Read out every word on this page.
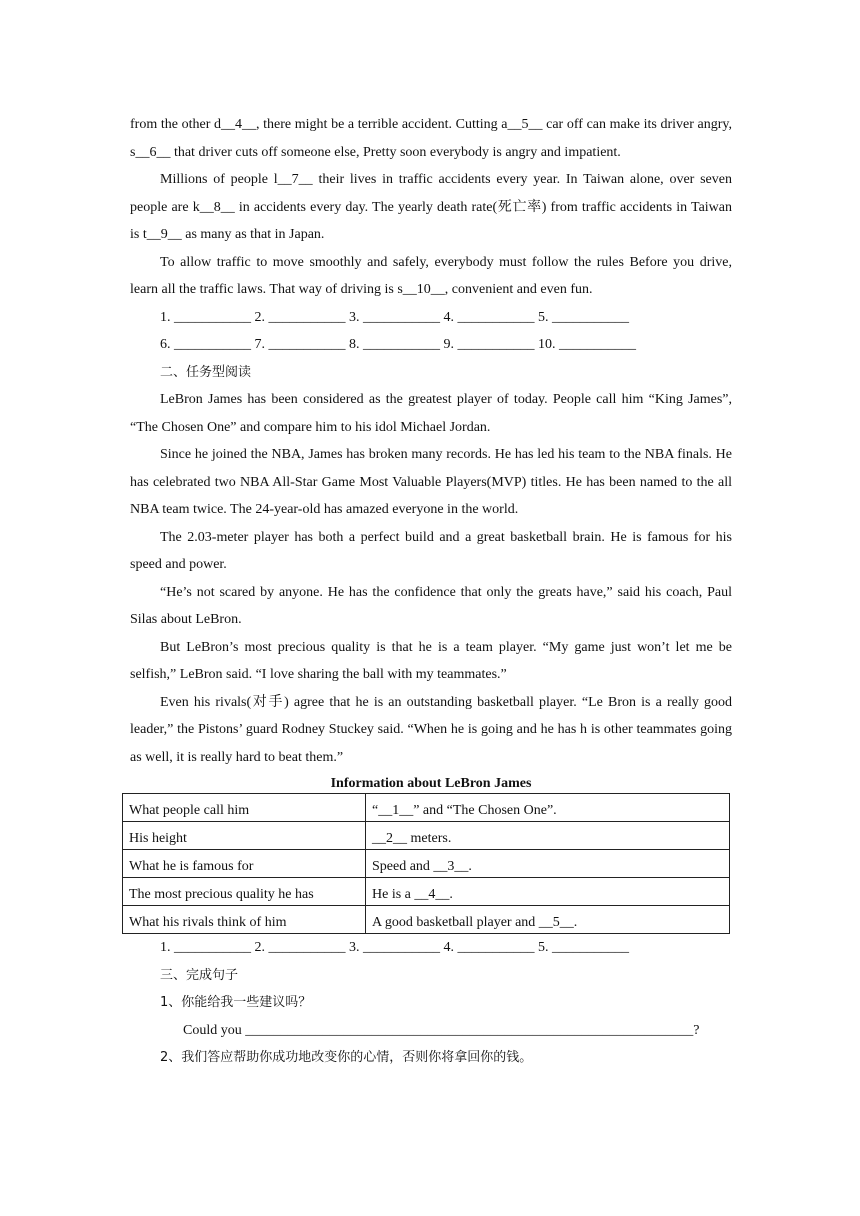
from the other d__4__, there might be a terrible accident. Cutting a__5__ car off can make its driver angry, s__6__ that driver cuts off someone else, Pretty soon everybody is angry and impatient.

Millions of people l__7__ their lives in traffic accidents every year. In Taiwan alone, over seven people are k__8__ in accidents every day. The yearly death rate(死亡率) from traffic accidents in Taiwan is t__9__ as many as that in Japan.

To allow traffic to move smoothly and safely, everybody must follow the rules Before you drive, learn all the traffic laws. That way of driving is s__10__, convenient and even fun.

1. ___________ 2. ___________ 3. ___________ 4. ___________ 5. ___________

6. ___________ 7. ___________ 8. ___________ 9. ___________ 10. ___________

二、任务型阅读

LeBron James has been considered as the greatest player of today. People call him “King James”, “The Chosen One” and compare him to his idol Michael Jordan.

Since he joined the NBA, James has broken many records. He has led his team to the NBA finals. He has celebrated two NBA All-Star Game Most Valuable Players(MVP) titles. He has been named to the all NBA team twice. The 24-year-old has amazed everyone in the world.

The 2.03-meter player has both a perfect build and a great basketball brain. He is famous for his speed and power.

“He’s not scared by anyone. He has the confidence that only the greats have,” said his coach, Paul Silas about LeBron.

But LeBron’s most precious quality is that he is a team player. “My game just won’t let me be selfish,” LeBron said. “I love sharing the ball with my teammates.”

Even his rivals(对手) agree that he is an outstanding basketball player. “Le Bron is a really good leader,” the Pistons’ guard Rodney Stuckey said. “When he is going and he has h is other teammates going as well, it is really hard to beat them.”

Information about LeBron James

What people call him	“__1__” and “The Chosen One”.
His height	__2__ meters.
What he is famous for	Speed and __3__.
The most precious quality he has	He is a __4__.
What his rivals think of him	A good basketball player and __5__.

1. ___________ 2. ___________ 3. ___________ 4. ___________ 5. ___________

三、完成句子

1、你能给我一些建议吗？

Could you ________________________________________________________________?

2、我们答应帮助你成功地改变你的心情，否则你将拿回你的钱。
